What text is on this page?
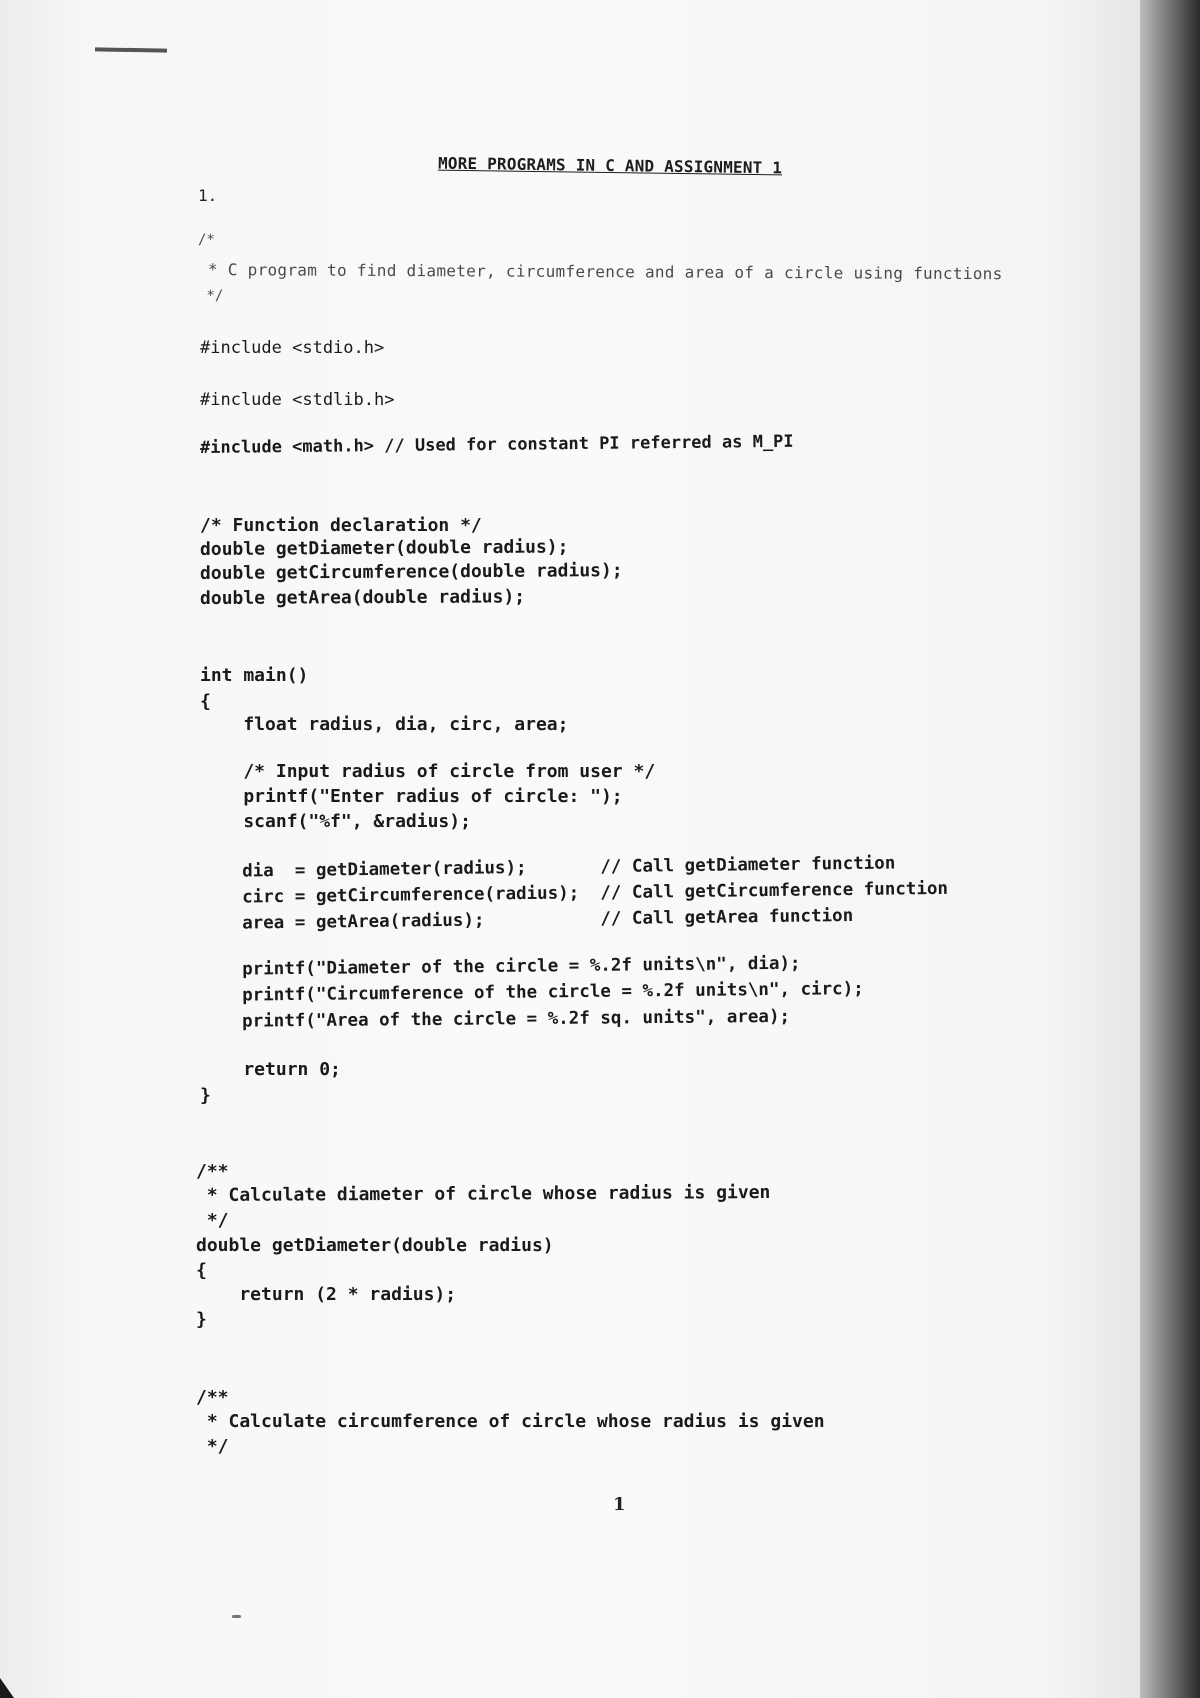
MORE PROGRAMS IN C AND ASSIGNMENT 1
1.
/*
* C program to find diameter, circumference and area of a circle using functions
*/
#include <stdio.h>
#include <stdlib.h>
#include <math.h> // Used for constant PI referred as M_PI
/* Function declaration */
double getDiameter(double radius);
double getCircumference(double radius);
double getArea(double radius);
int main()
{
float radius, dia, circ, area;
/* Input radius of circle from user */
printf("Enter radius of circle: ");
scanf("%f", &radius);
dia  = getDiameter(radius);       // Call getDiameter function
circ = getCircumference(radius);  // Call getCircumference function
area = getArea(radius);           // Call getArea function
printf("Diameter of the circle = %.2f units\n", dia);
printf("Circumference of the circle = %.2f units\n", circ);
printf("Area of the circle = %.2f sq. units", area);
return 0;
}
/**
* Calculate diameter of circle whose radius is given
*/
double getDiameter(double radius)
{
return (2 * radius);
}
/**
* Calculate circumference of circle whose radius is given
*/
1
